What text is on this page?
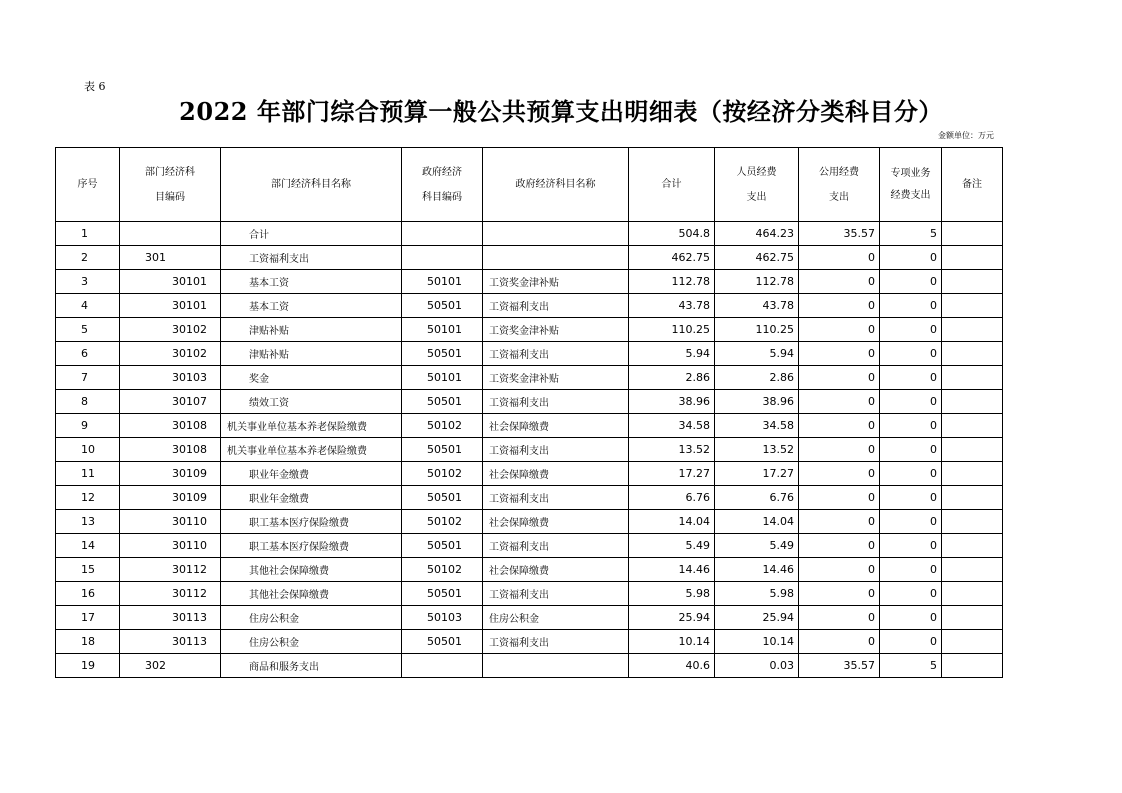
表 6
2022 年部门综合预算一般公共预算支出明细表（按经济分类科目分）
金额单位：万元
序号	部门经济科目编码	部门经济科目名称	政府经济科目编码	政府经济科目名称	合计	人员经费支出	公用经费支出	专项业务经费支出	备注
1		合计			504.8	464.23	35.57	5	
2	301	工资福利支出			462.75	462.75	0	0	
3	30101	基本工资	50101	工资奖金津补贴	112.78	112.78	0	0	
4	30101	基本工资	50501	工资福利支出	43.78	43.78	0	0	
5	30102	津贴补贴	50101	工资奖金津补贴	110.25	110.25	0	0	
6	30102	津贴补贴	50501	工资福利支出	5.94	5.94	0	0	
7	30103	奖金	50101	工资奖金津补贴	2.86	2.86	0	0	
8	30107	绩效工资	50501	工资福利支出	38.96	38.96	0	0	
9	30108	机关事业单位基本养老保险缴费	50102	社会保障缴费	34.58	34.58	0	0	
10	30108	机关事业单位基本养老保险缴费	50501	工资福利支出	13.52	13.52	0	0	
11	30109	职业年金缴费	50102	社会保障缴费	17.27	17.27	0	0	
12	30109	职业年金缴费	50501	工资福利支出	6.76	6.76	0	0	
13	30110	职工基本医疗保险缴费	50102	社会保障缴费	14.04	14.04	0	0	
14	30110	职工基本医疗保险缴费	50501	工资福利支出	5.49	5.49	0	0	
15	30112	其他社会保障缴费	50102	社会保障缴费	14.46	14.46	0	0	
16	30112	其他社会保障缴费	50501	工资福利支出	5.98	5.98	0	0	
17	30113	住房公积金	50103	住房公积金	25.94	25.94	0	0	
18	30113	住房公积金	50501	工资福利支出	10.14	10.14	0	0	
19	302	商品和服务支出			40.6	0.03	35.57	5	
